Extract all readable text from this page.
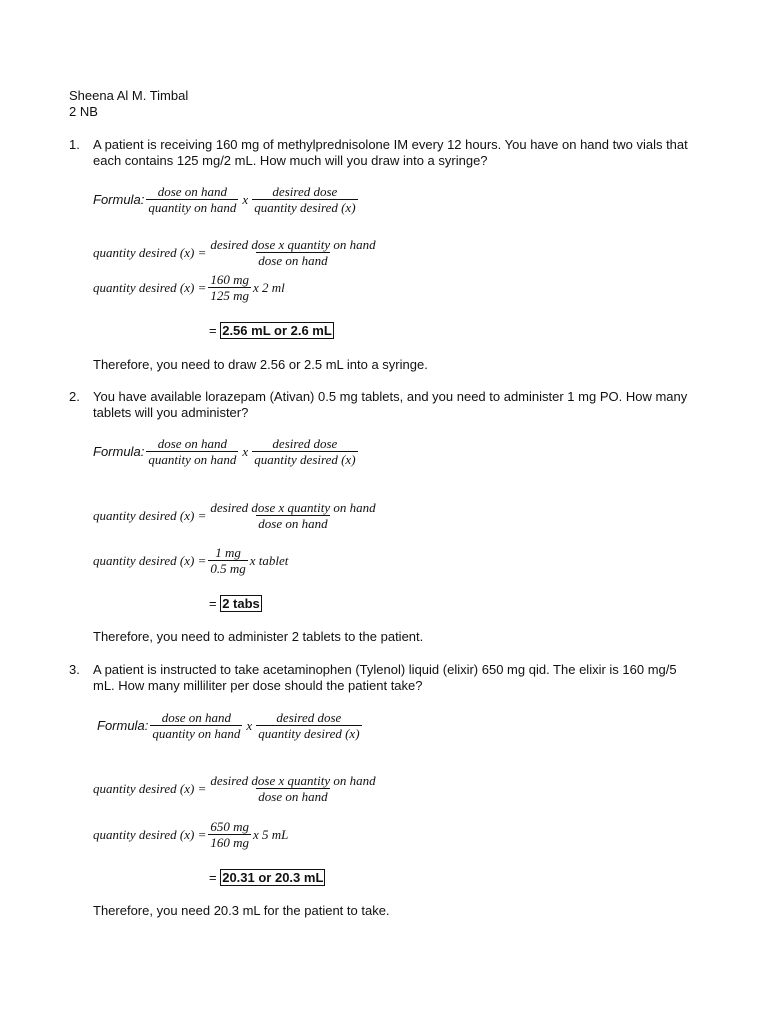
Sheena Al M. Timbal
2 NB
1. A patient is receiving 160 mg of methylprednisolone IM every 12 hours. You have on hand two vials that each contains 125 mg/2 mL. How much will you draw into a syringe?
Formula: $\frac{\text{dose on hand}}{\text{quantity on hand}}$ x $\frac{\text{desired dose}}{\text{quantity desired (x)}}$
quantity desired $(x) = \frac{\text{desired dose x quantity on hand}}{\text{dose on hand}}$
quantity desired $(x) = \frac{160 mg}{125 mg}$ x 2 ml
= 2.56 mL or 2.6 mL
Therefore, you need to draw 2.56 or 2.5 mL into a syringe.
2. You have available lorazepam (Ativan) 0.5 mg tablets, and you need to administer 1 mg PO. How many tablets will you administer?
Formula: $\frac{\text{dose on hand}}{\text{quantity on hand}}$ x $\frac{\text{desired dose}}{\text{quantity desired (x)}}$
quantity desired $(x) = \frac{\text{desired dose x quantity on hand}}{\text{dose on hand}}$
quantity desired $(x) = \frac{1 mg}{0.5 mg}$ x tablet
= 2 tabs
Therefore, you need to administer 2 tablets to the patient.
3. A patient is instructed to take acetaminophen (Tylenol) liquid (elixir) 650 mg qid. The elixir is 160 mg/5 mL. How many milliliter per dose should the patient take?
Formula: $\frac{\text{dose on hand}}{\text{quantity on hand}}$ x $\frac{\text{desired dose}}{\text{quantity desired (x)}}$
quantity desired $(x) = \frac{\text{desired dose x quantity on hand}}{\text{dose on hand}}$
quantity desired $(x) = \frac{650 mg}{160 mg}$ x 5 mL
= 20.31 or 20.3 mL
Therefore, you need 20.3 mL for the patient to take.
